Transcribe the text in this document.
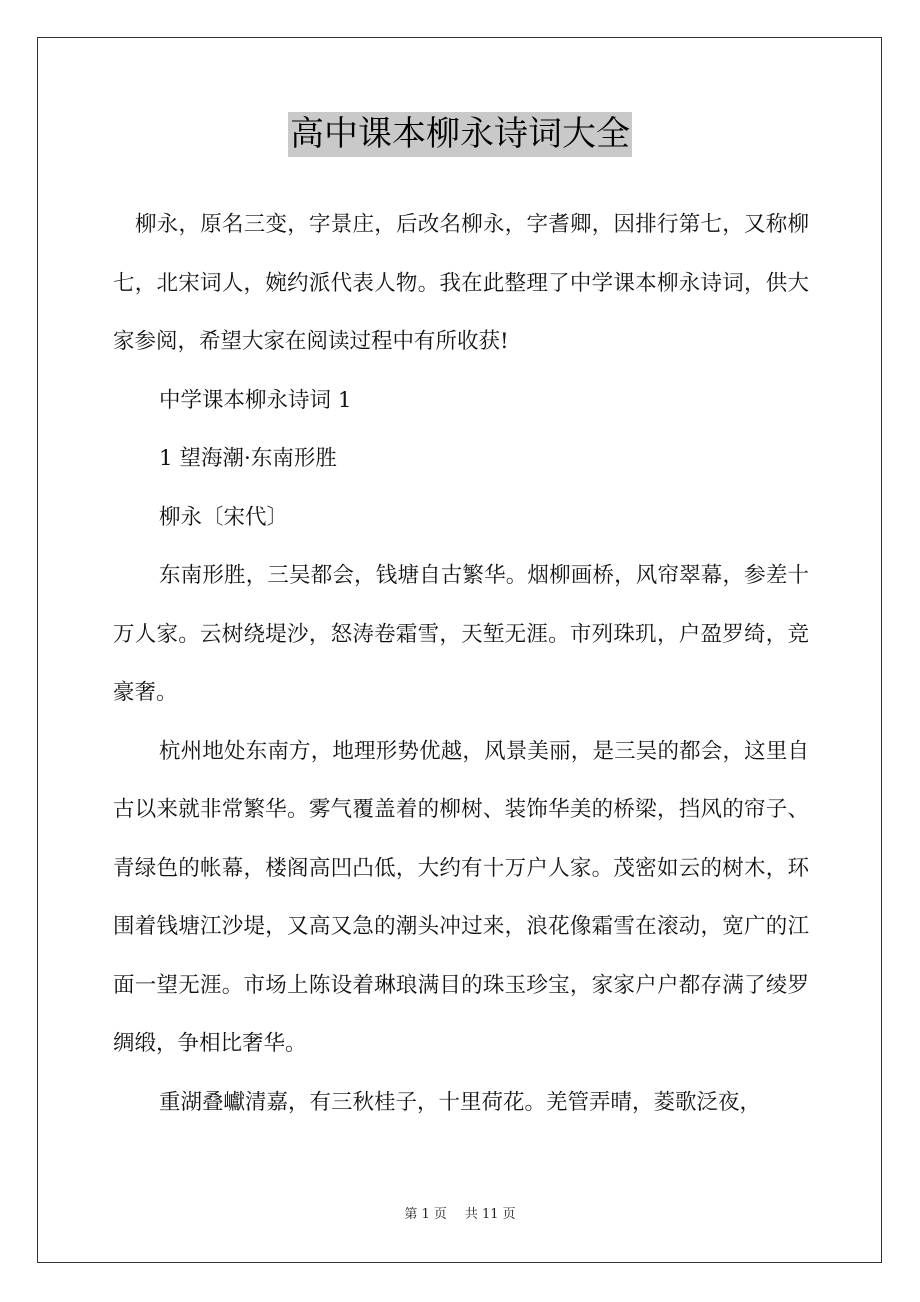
高中课本柳永诗词大全

柳永，原名三变，字景庄，后改名柳永，字耆卿，因排行第七，又称柳七，北宋词人，婉约派代表人物。我在此整理了中学课本柳永诗词，供大家参阅，希望大家在阅读过程中有所收获!

中学课本柳永诗词 1

1 望海潮·东南形胜

柳永〔宋代〕

东南形胜，三吴都会，钱塘自古繁华。烟柳画桥，风帘翠幕，参差十万人家。云树绕堤沙，怒涛卷霜雪，天堑无涯。市列珠玑，户盈罗绮，竞豪奢。

杭州地处东南方，地理形势优越，风景美丽，是三吴的都会，这里自古以来就非常繁华。雾气覆盖着的柳树、装饰华美的桥梁，挡风的帘子、青绿色的帐幕，楼阁高凹凸低，大约有十万户人家。茂密如云的树木，环围着钱塘江沙堤，又高又急的潮头冲过来，浪花像霜雪在滚动，宽广的江面一望无涯。市场上陈设着琳琅满目的珠玉珍宝，家家户户都存满了绫罗绸缎，争相比奢华。

重湖叠巘清嘉，有三秋桂子，十里荷花。羌管弄晴，菱歌泛夜，

第 1 页 共 11 页
